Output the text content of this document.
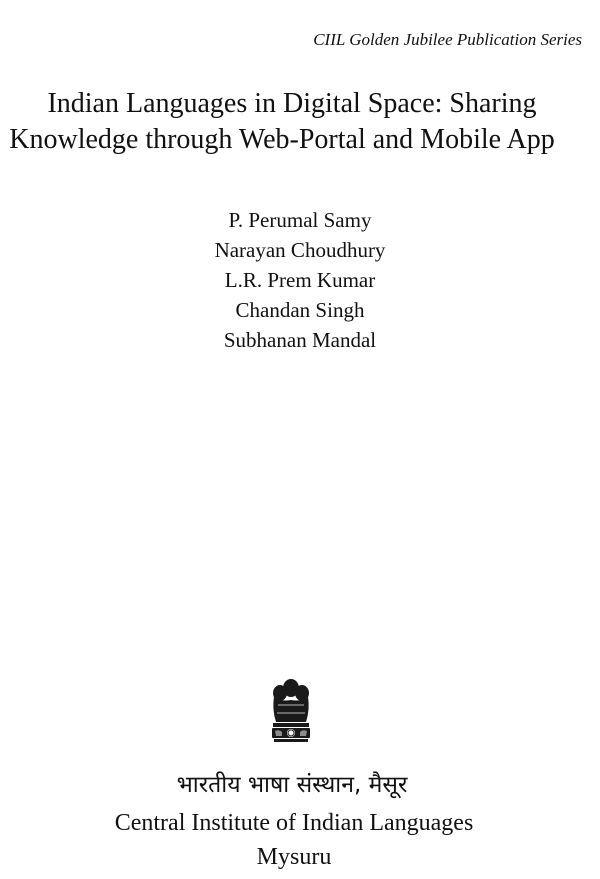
CIIL Golden Jubilee Publication Series
Indian Languages in Digital Space: Sharing
Knowledge through Web-Portal and Mobile App
P. Perumal Samy
Narayan Choudhury
L.R. Prem Kumar
Chandan Singh
Subhanan Mandal
भारतीय भाषा संस्थान, मैसूर
Central Institute of Indian Languages
Mysuru
